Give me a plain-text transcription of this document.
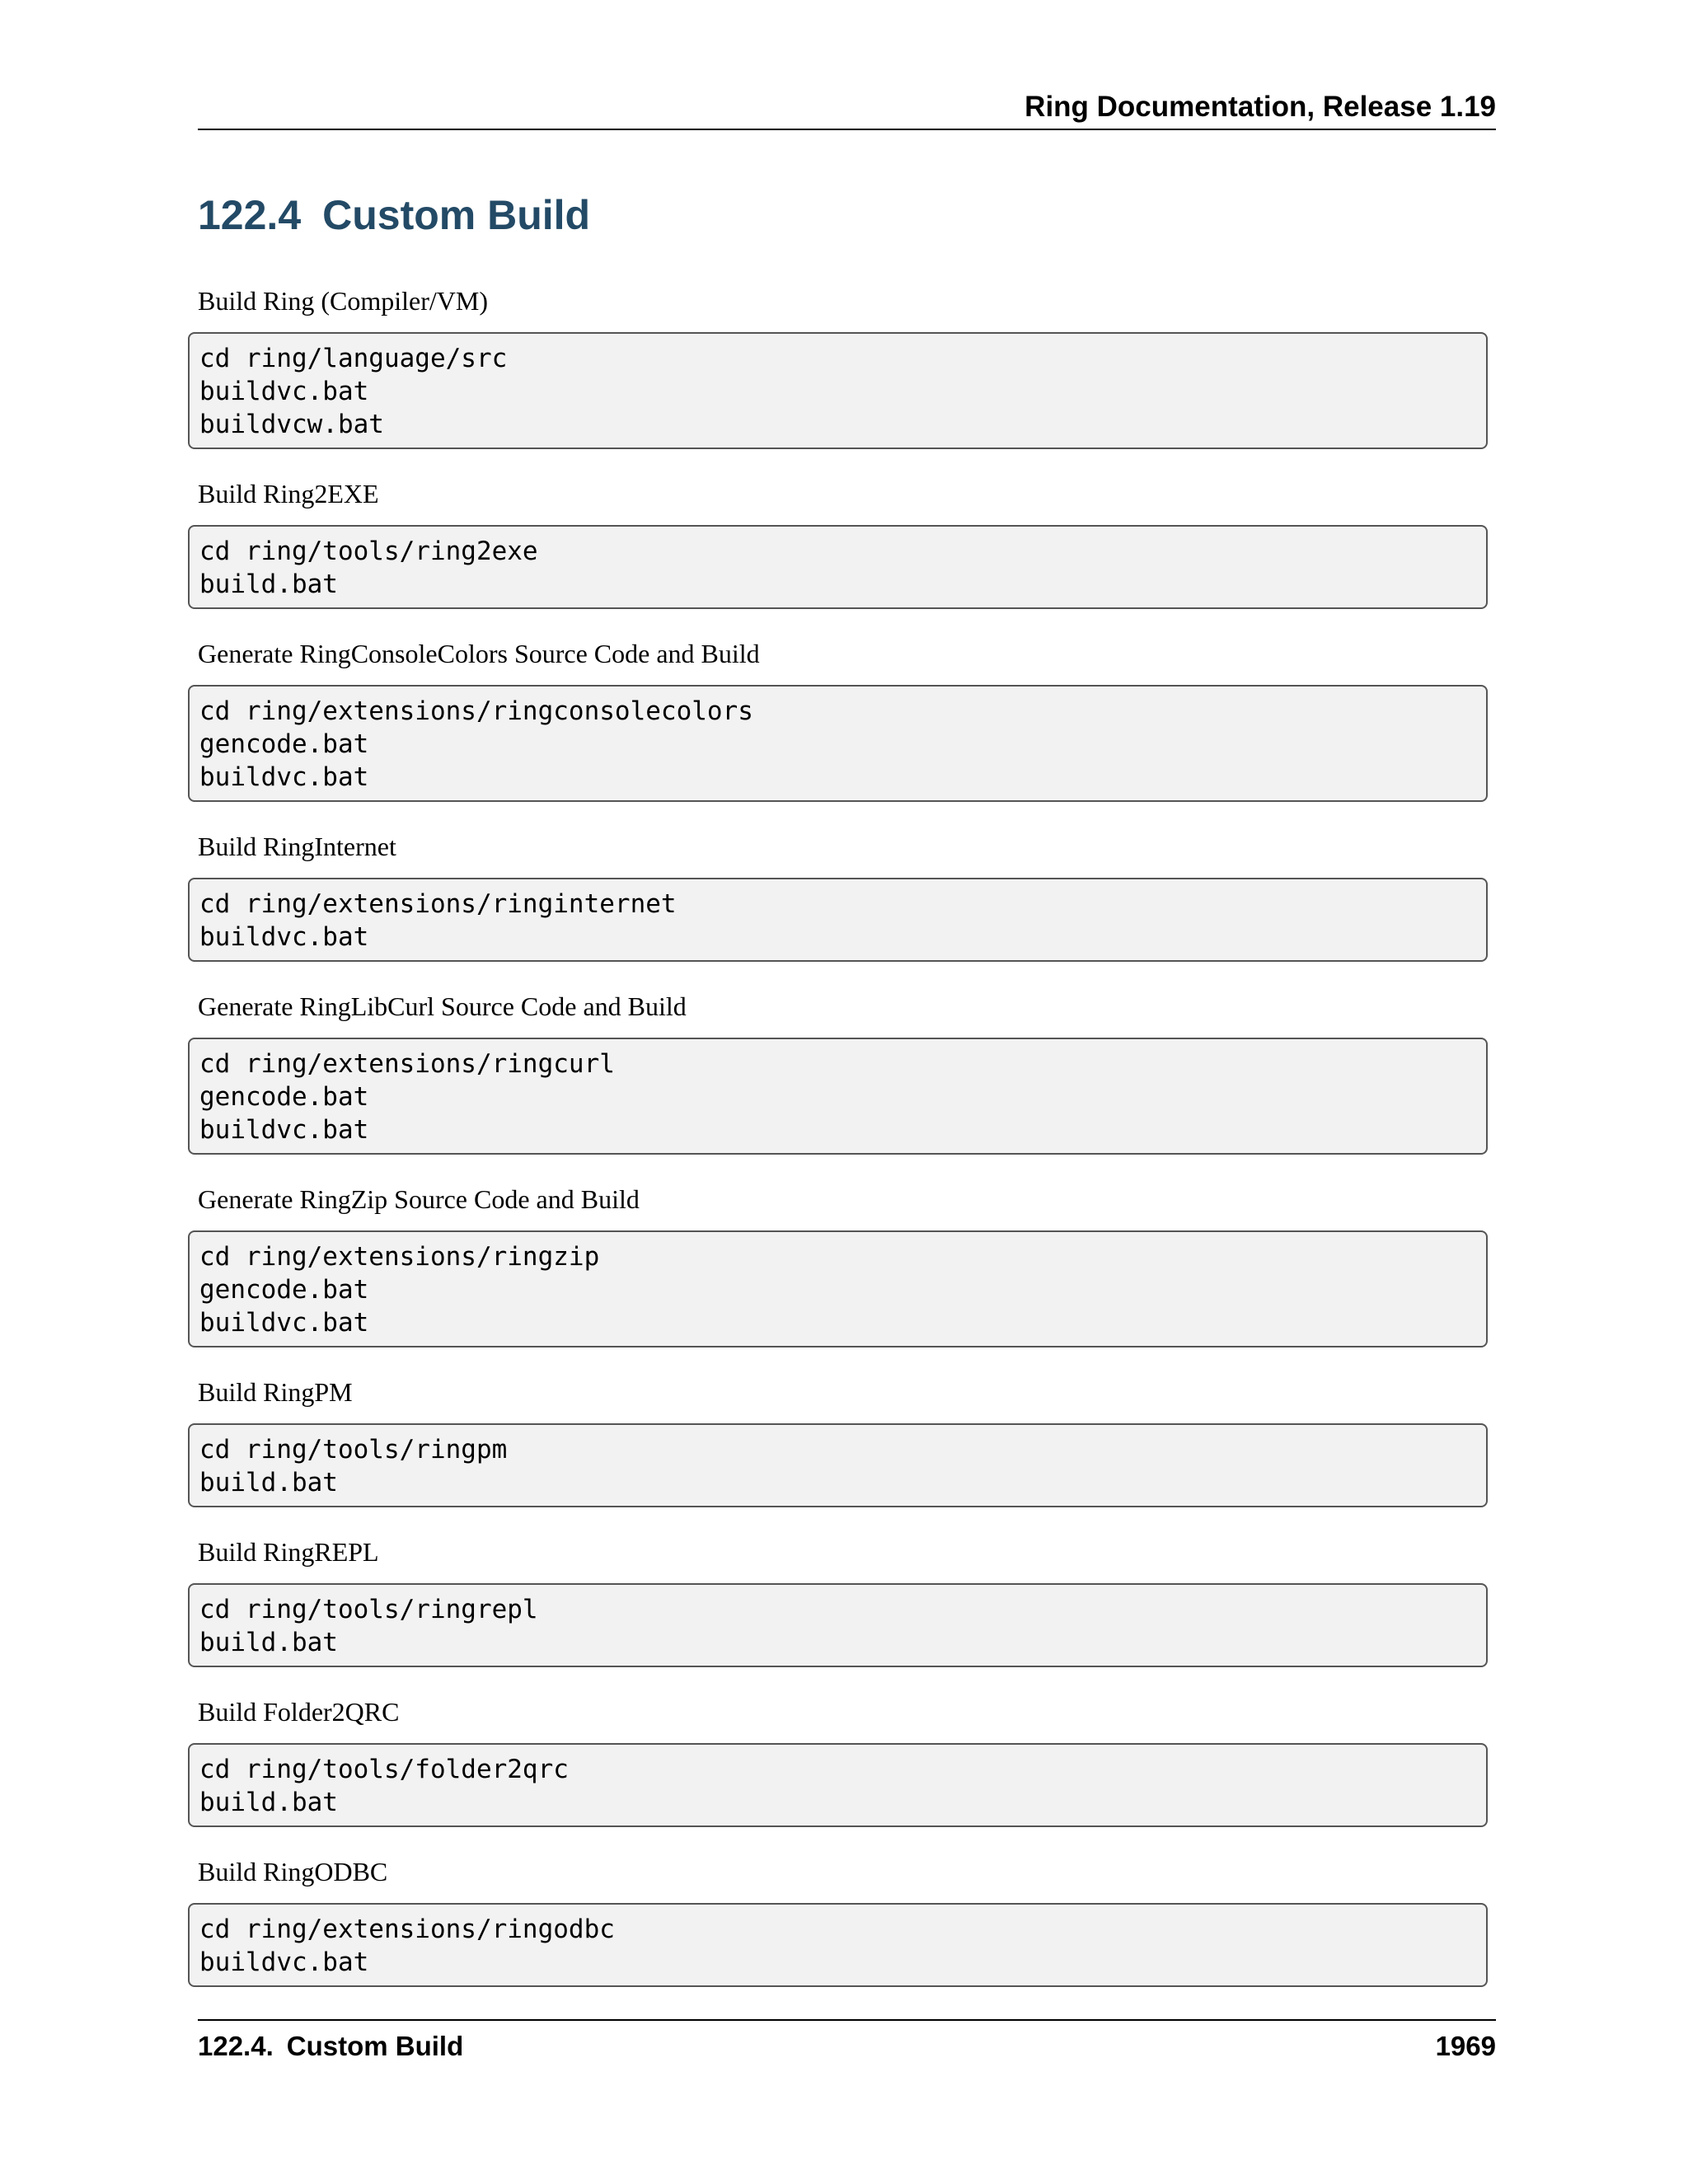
Ring Documentation, Release 1.19
122.4 Custom Build

Build Ring (Compiler/VM)

cd ring/language/src
buildvc.bat
buildvcw.bat

Build Ring2EXE

cd ring/tools/ring2exe
build.bat

Generate RingConsoleColors Source Code and Build

cd ring/extensions/ringconsolecolors
gencode.bat
buildvc.bat

Build RingInternet

cd ring/extensions/ringinternet
buildvc.bat

Generate RingLibCurl Source Code and Build

cd ring/extensions/ringcurl
gencode.bat
buildvc.bat

Generate RingZip Source Code and Build

cd ring/extensions/ringzip
gencode.bat
buildvc.bat

Build RingPM

cd ring/tools/ringpm
build.bat

Build RingREPL

cd ring/tools/ringrepl
build.bat

Build Folder2QRC

cd ring/tools/folder2qrc
build.bat

Build RingODBC

cd ring/extensions/ringodbc
buildvc.bat
122.4. Custom Build	1969
